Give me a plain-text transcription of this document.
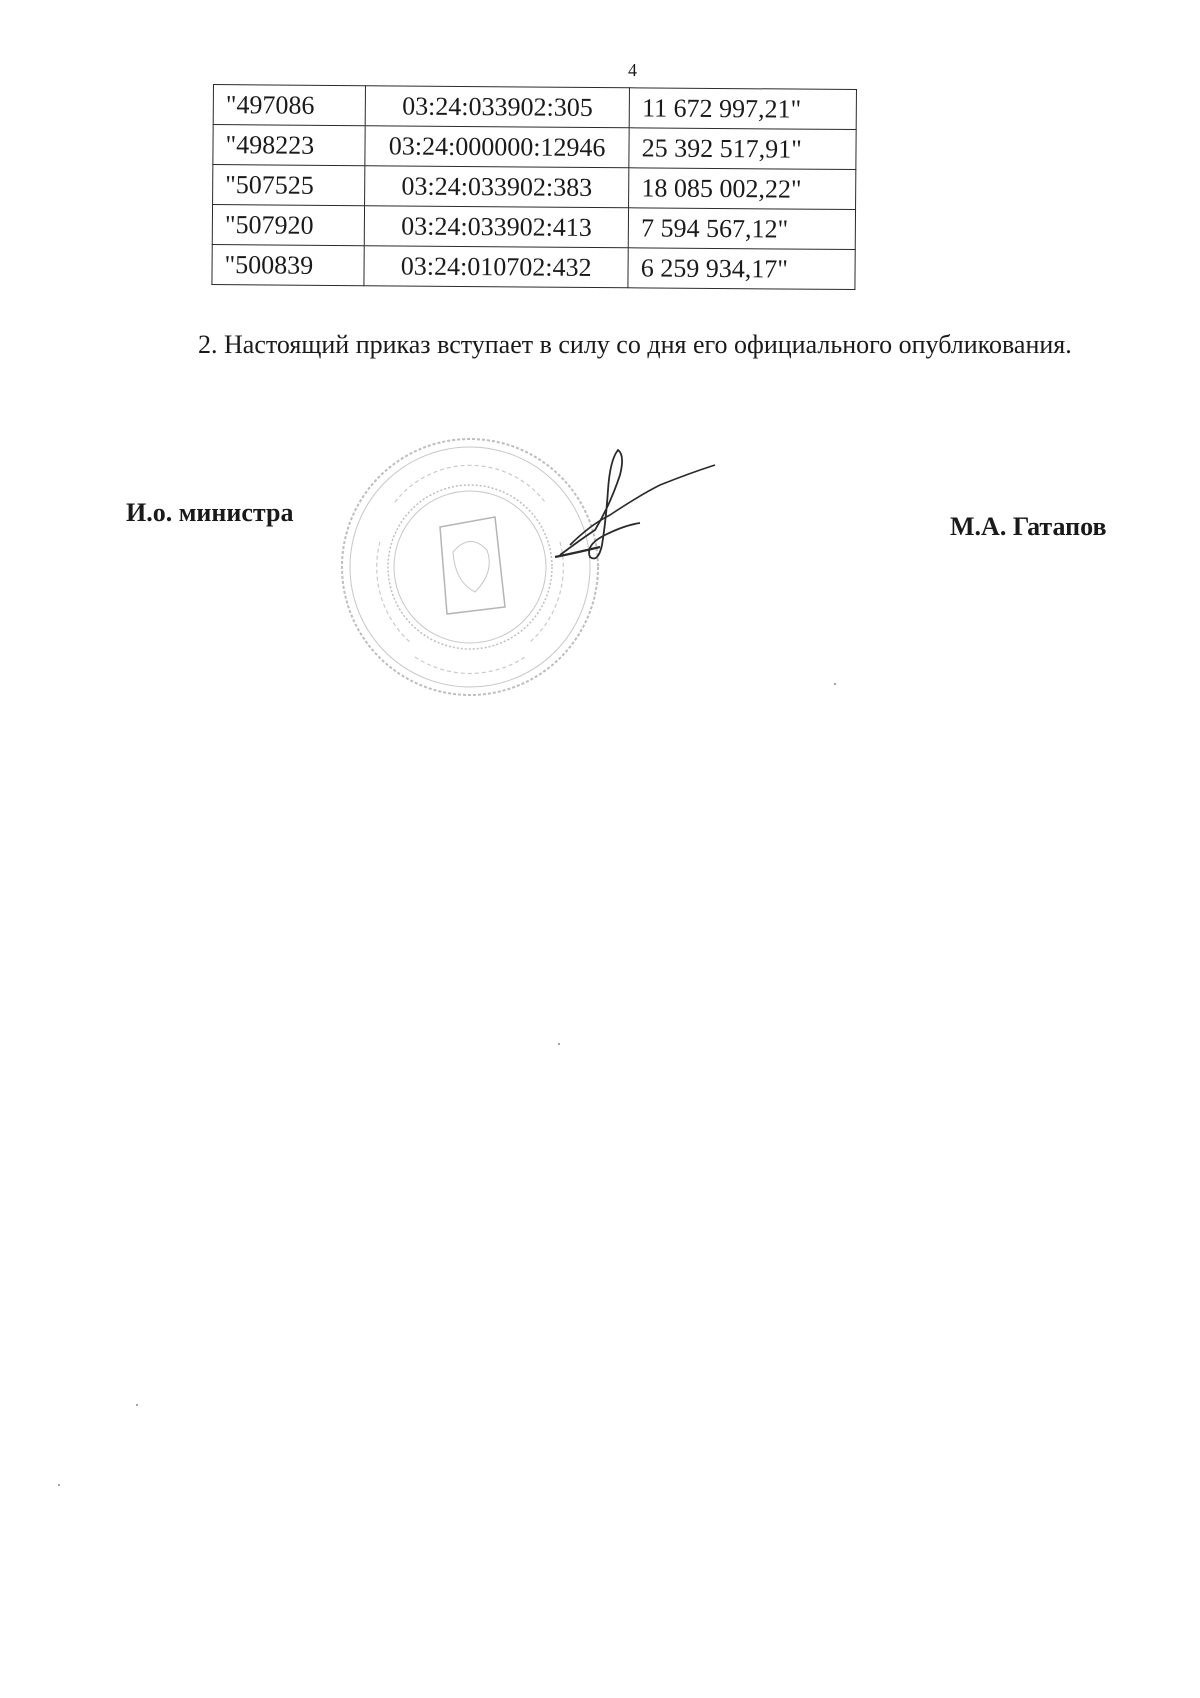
4
"497086	03:24:033902:305	11 672 997,21"
"498223	03:24:000000:12946	25 392 517,91"
"507525	03:24:033902:383	18 085 002,22"
"507920	03:24:033902:413	7 594 567,12"
"500839	03:24:010702:432	6 259 934,17"

2. Настоящий приказ вступает в силу со дня его официального опубликования.

И.о. министра	М.А. Гатапов
